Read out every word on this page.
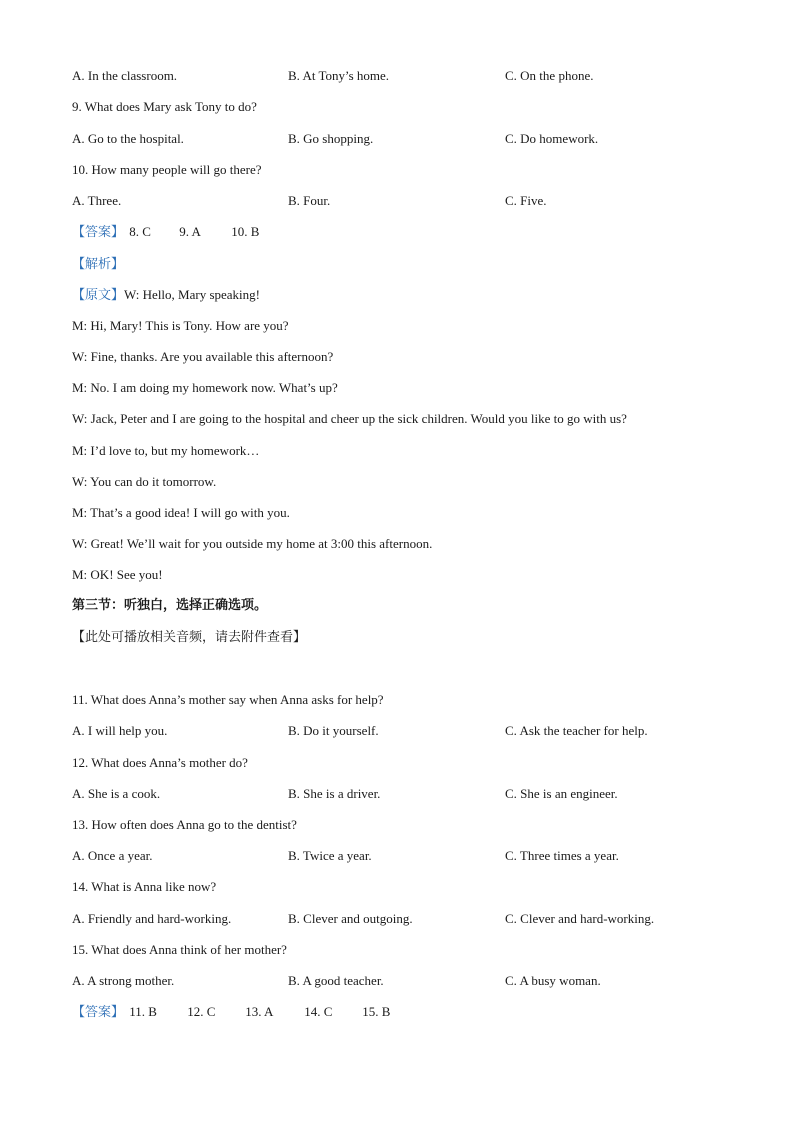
A. In the classroom.	B. At Tony’s home.	C. On the phone.
9. What does Mary ask Tony to do?
A. Go to the hospital.	B. Go shopping.	C. Do homework.
10. How many people will go there?
A. Three.	B. Four.	C. Five.
【答案】 8. C 9. A 10. B
【解析】
【原文】W: Hello, Mary speaking!
M: Hi, Mary! This is Tony. How are you?
W: Fine, thanks. Are you available this afternoon?
M: No. I am doing my homework now. What’s up?
W: Jack, Peter and I are going to the hospital and cheer up the sick children. Would you like to go with us?
M: I’d love to, but my homework…
W: You can do it tomorrow.
M: That’s a good idea! I will go with you.
W: Great! We’ll wait for you outside my home at 3:00 this afternoon.
M: OK! See you!
第三节：听独白，选择正确选项。
【此处可播放相关音频，请去附件查看】
11. What does Anna’s mother say when Anna asks for help?
A. I will help you.	B. Do it yourself.	C. Ask the teacher for help.
12. What does Anna’s mother do?
A. She is a cook.	B. She is a driver.	C. She is an engineer.
13. How often does Anna go to the dentist?
A. Once a year.	B. Twice a year.	C. Three times a year.
14. What is Anna like now?
A. Friendly and hard-working.	B. Clever and outgoing.	C. Clever and hard-working.
15. What does Anna think of her mother?
A. A strong mother.	B. A good teacher.	C. A busy woman.
【答案】 11. B 12. C 13. A 14. C 15. B
